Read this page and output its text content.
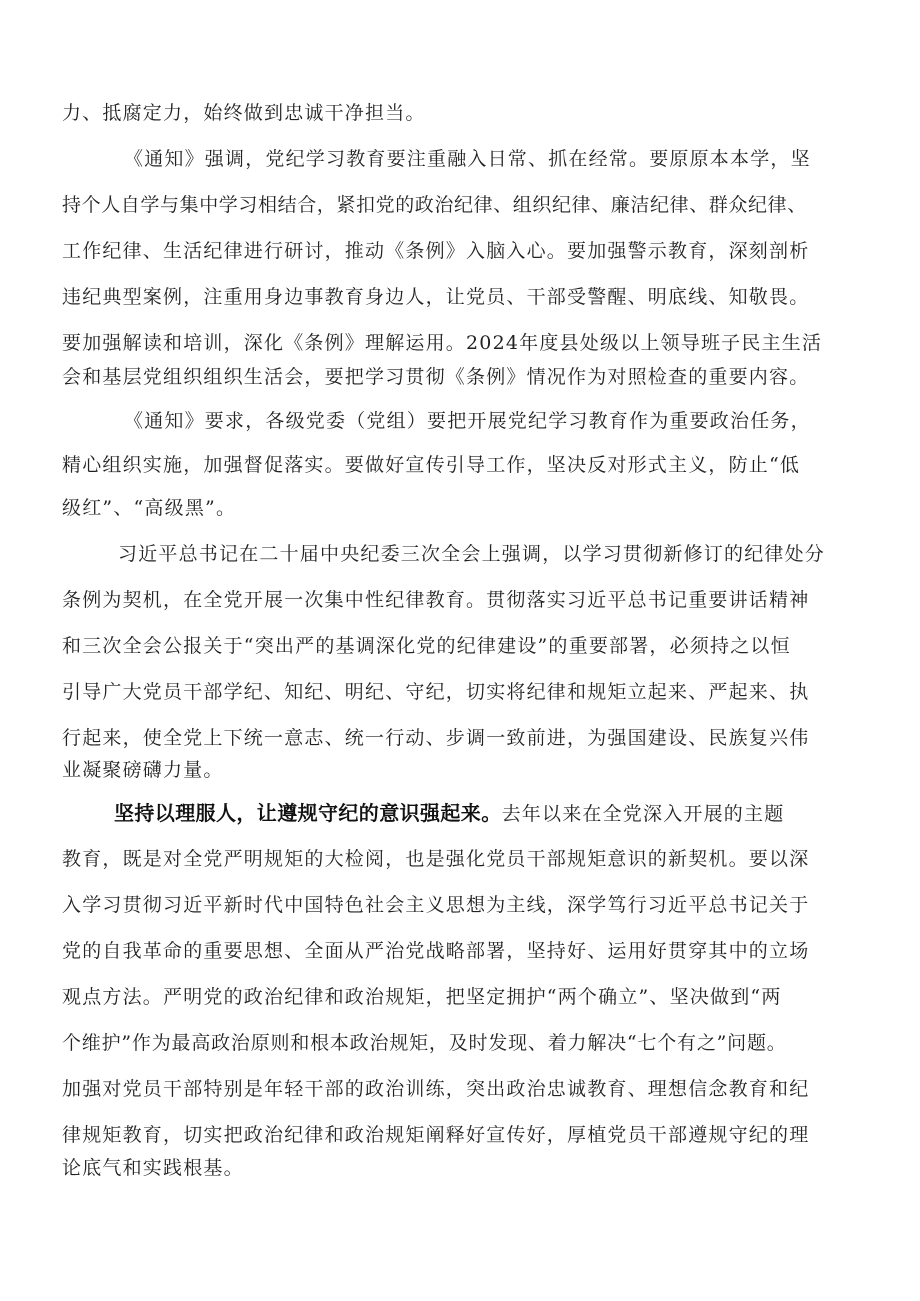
力、抵腐定力，始终做到忠诚干净担当。
《通知》强调，党纪学习教育要注重融入日常、抓在经常。要原原本本学，坚
持个人自学与集中学习相结合，紧扣党的政治纪律、组织纪律、廉洁纪律、群众纪律、
工作纪律、生活纪律进行研讨，推动《条例》入脑入心。要加强警示教育，深刻剖析
违纪典型案例，注重用身边事教育身边人，让党员、干部受警醒、明底线、知敬畏。
要加强解读和培训，深化《条例》理解运用。2024年度县处级以上领导班子民主生活
会和基层党组织组织生活会，要把学习贯彻《条例》情况作为对照检查的重要内容。
《通知》要求，各级党委（党组）要把开展党纪学习教育作为重要政治任务，
精心组织实施，加强督促落实。要做好宣传引导工作，坚决反对形式主义，防止“低
级红”、“高级黑”。
习近平总书记在二十届中央纪委三次全会上强调，以学习贯彻新修订的纪律处分
条例为契机，在全党开展一次集中性纪律教育。贯彻落实习近平总书记重要讲话精神
和三次全会公报关于“突出严的基调深化党的纪律建设”的重要部署，必须持之以恒
引导广大党员干部学纪、知纪、明纪、守纪，切实将纪律和规矩立起来、严起来、执
行起来，使全党上下统一意志、统一行动、步调一致前进，为强国建设、民族复兴伟
业凝聚磅礴力量。
坚持以理服人，让遵规守纪的意识强起来。去年以来在全党深入开展的主题
教育，既是对全党严明规矩的大检阅，也是强化党员干部规矩意识的新契机。要以深
入学习贯彻习近平新时代中国特色社会主义思想为主线，深学笃行习近平总书记关于
党的自我革命的重要思想、全面从严治党战略部署，坚持好、运用好贯穿其中的立场
观点方法。严明党的政治纪律和政治规矩，把坚定拥护“两个确立”、坚决做到“两
个维护”作为最高政治原则和根本政治规矩，及时发现、着力解决“七个有之”问题。
加强对党员干部特别是年轻干部的政治训练，突出政治忠诚教育、理想信念教育和纪
律规矩教育，切实把政治纪律和政治规矩阐释好宣传好，厚植党员干部遵规守纪的理
论底气和实践根基。
